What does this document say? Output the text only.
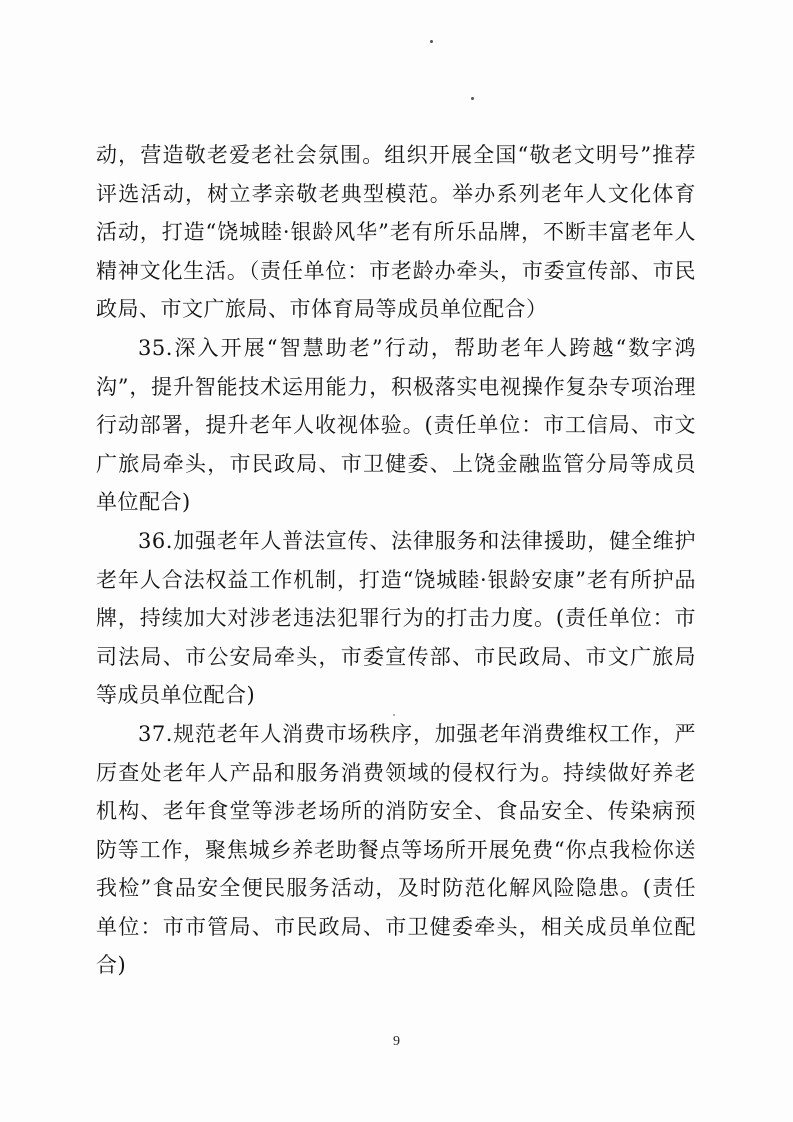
动，营造敬老爱老社会氛围。组织开展全国“敬老文明号”推荐评选活动，树立孝亲敬老典型模范。举办系列老年人文化体育活动，打造“饶城睦·银龄风华”老有所乐品牌，不断丰富老年人精神文化生活。（责任单位：市老龄办牵头，市委宣传部、市民政局、市文广旅局、市体育局等成员单位配合）

35.深入开展“智慧助老”行动，帮助老年人跨越“数字鸿沟”，提升智能技术运用能力，积极落实电视操作复杂专项治理行动部署，提升老年人收视体验。(责任单位：市工信局、市文广旅局牵头，市民政局、市卫健委、上饶金融监管分局等成员单位配合)

36.加强老年人普法宣传、法律服务和法律援助，健全维护老年人合法权益工作机制，打造“饶城睦·银龄安康”老有所护品牌，持续加大对涉老违法犯罪行为的打击力度。(责任单位：市司法局、市公安局牵头，市委宣传部、市民政局、市文广旅局等成员单位配合)

37.规范老年人消费市场秩序，加强老年消费维权工作，严厉查处老年人产品和服务消费领域的侵权行为。持续做好养老机构、老年食堂等涉老场所的消防安全、食品安全、传染病预防等工作，聚焦城乡养老助餐点等场所开展免费“你点我检你送我检”食品安全便民服务活动，及时防范化解风险隐患。(责任单位：市市管局、市民政局、市卫健委牵头，相关成员单位配合)

9
